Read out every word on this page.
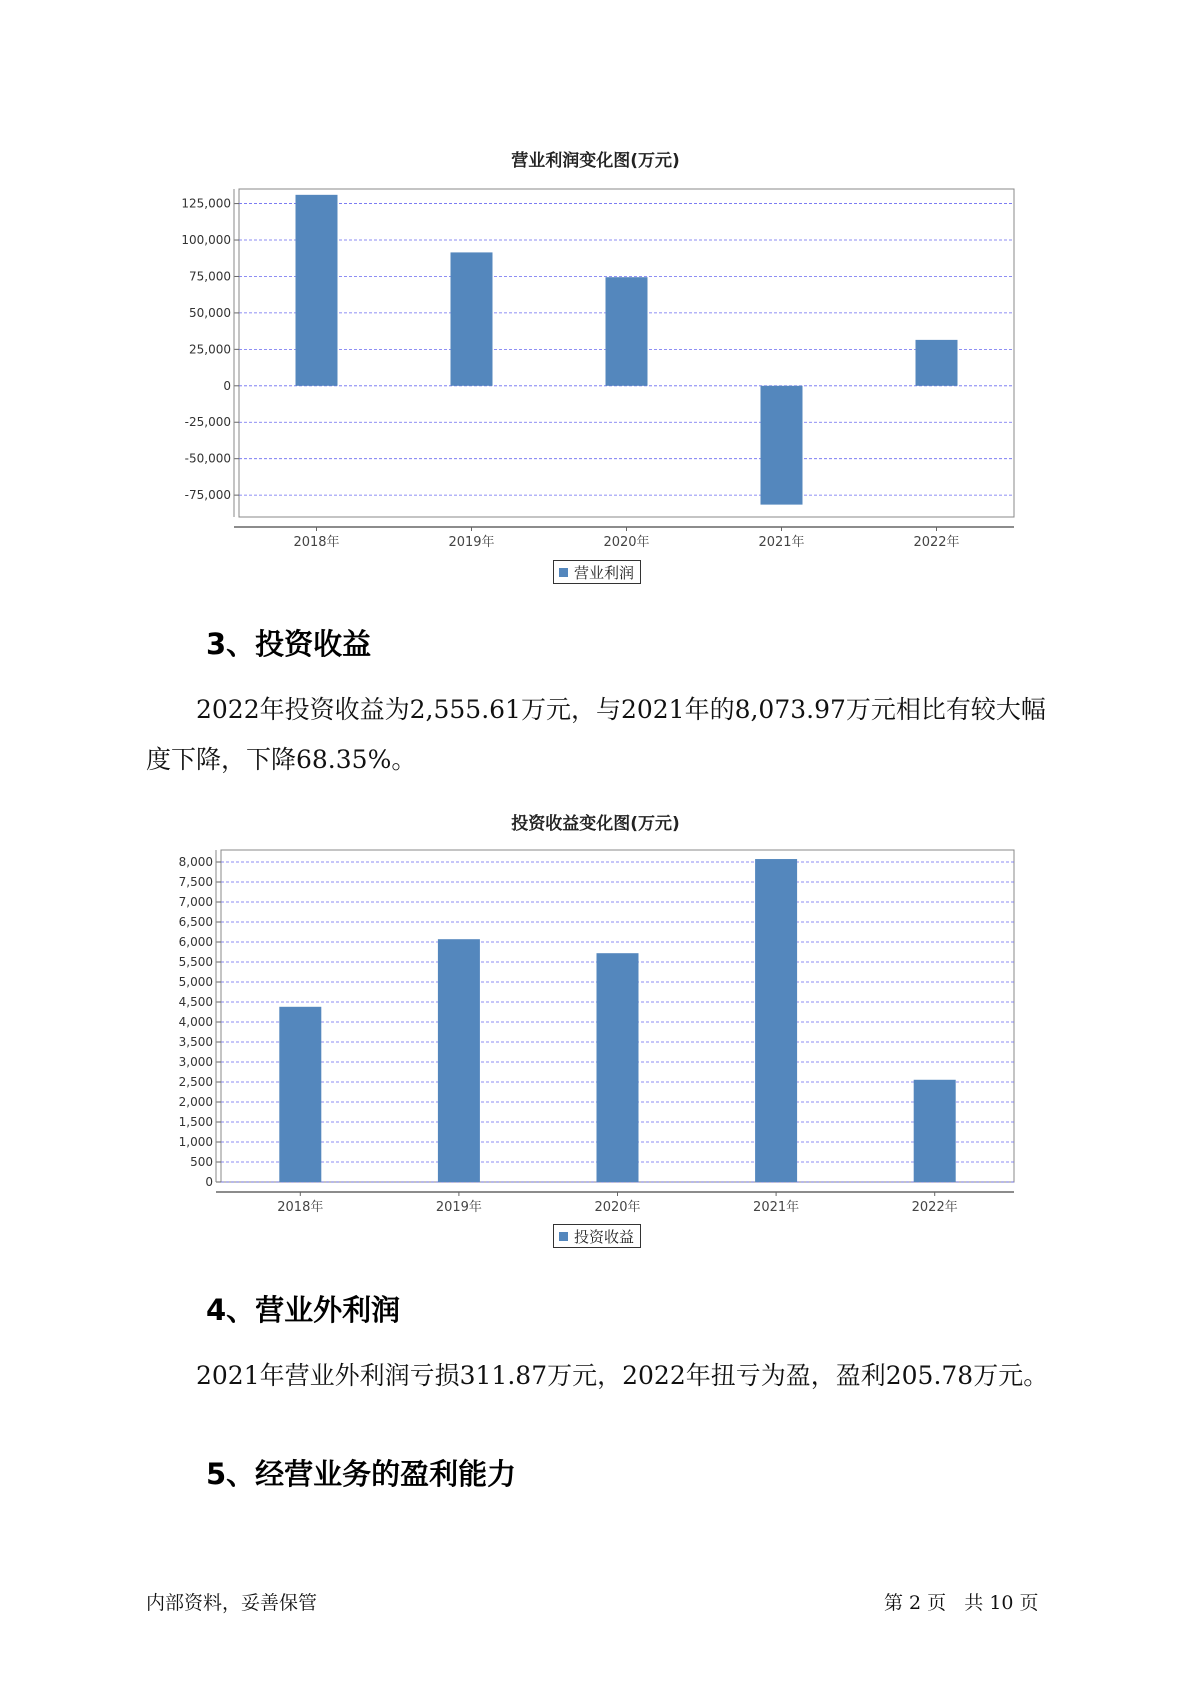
营业利润变化图(万元)
125,000
100,000
75,000
50,000
25,000
0
-25,000
-50,000
-75,000
2018年	2019年	2020年	2021年	2022年
营业利润
3、投资收益
2022年投资收益为2,555.61万元，与2021年的8,073.97万元相比有较大幅度下降，下降68.35%。
投资收益变化图(万元)
8,000
7,500
7,000
6,500
6,000
5,500
5,000
4,500
4,000
3,500
3,000
2,500
2,000
1,500
1,000
500
0
2018年	2019年	2020年	2021年	2022年
投资收益
4、营业外利润
2021年营业外利润亏损311.87万元，2022年扭亏为盈，盈利205.78万元。
5、经营业务的盈利能力
内部资料，妥善保管	第 2 页   共 10 页
